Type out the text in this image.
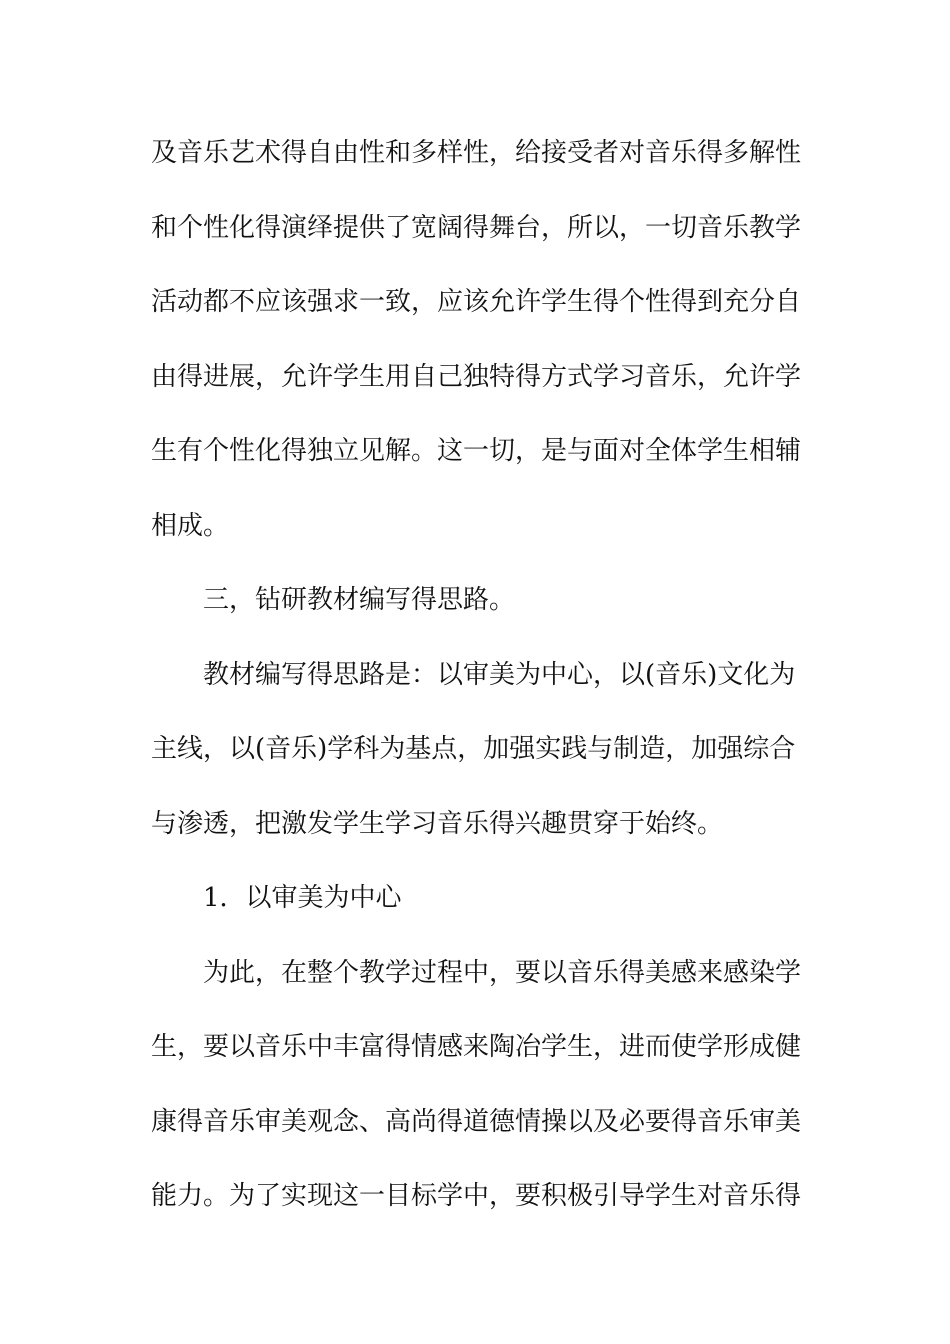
及音乐艺术得自由性和多样性，给接受者对音乐得多解性
和个性化得演绎提供了宽阔得舞台，所以，一切音乐教学
活动都不应该强求一致，应该允许学生得个性得到充分自
由得进展，允许学生用自己独特得方式学习音乐，允许学
生有个性化得独立见解。这一切，是与面对全体学生相辅
相成。
三，钻研教材编写得思路。
教材编写得思路是：以审美为中心，以(音乐)文化为
主线，以(音乐)学科为基点，加强实践与制造，加强综合
与渗透，把激发学生学习音乐得兴趣贯穿于始终。
1．以审美为中心
为此，在整个教学过程中，要以音乐得美感来感染学
生，要以音乐中丰富得情感来陶冶学生，进而使学形成健
康得音乐审美观念、高尚得道德情操以及必要得音乐审美
能力。为了实现这一目标学中，要积极引导学生对音乐得
